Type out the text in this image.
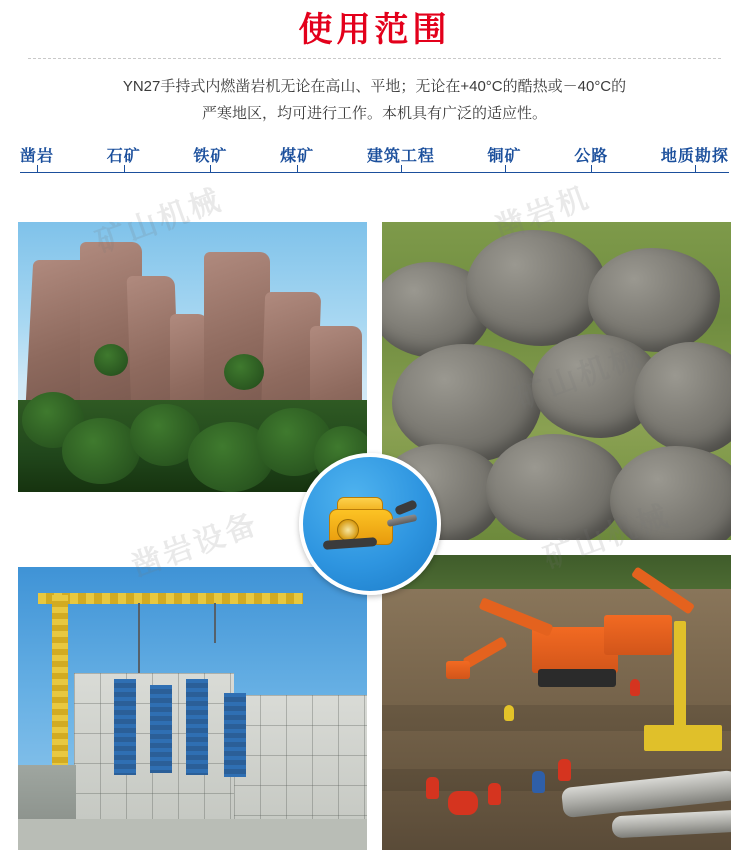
使用范围
YN27手持式内燃凿岩机无论在高山、平地；无论在+40°C的酷热或－40°C的
严寒地区，均可进行工作。本机具有广泛的适应性。
凿岩	石矿	铁矿	煤矿	建筑工程	铜矿	公路	地质勘探
凿岩机
凿岩设备
